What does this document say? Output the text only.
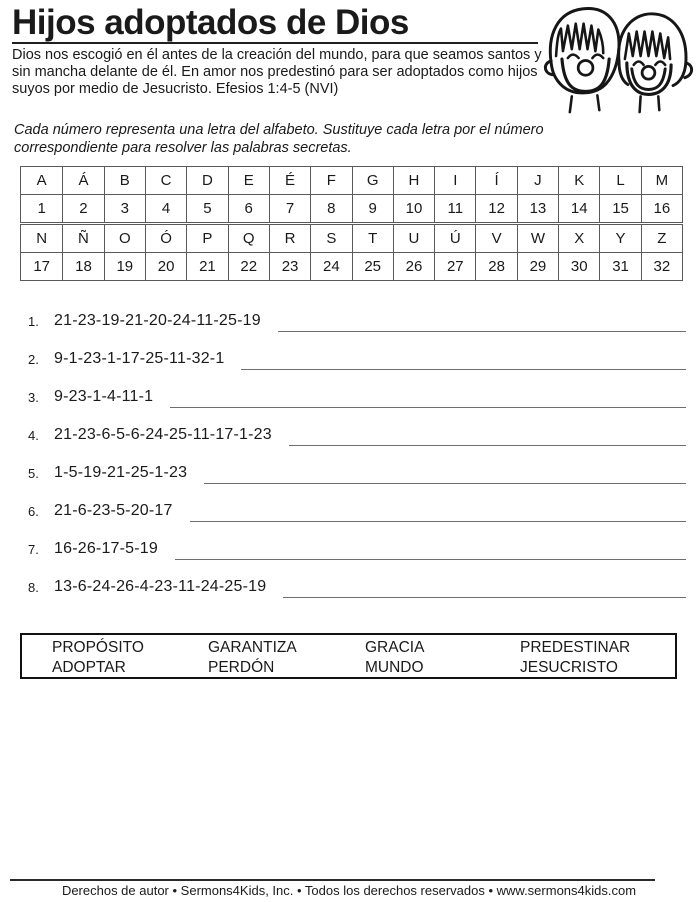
Hijos adoptados de Dios
Dios nos escogió en él antes de la creación del mundo, para que seamos santos y sin mancha delante de él. En amor nos predestinó para ser adoptados como hijos suyos por medio de Jesucristo. Efesios 1:4-5 (NVI)
Cada número representa una letra del alfabeto. Sustituye cada letra por el número correspondiente para resolver las palabras secretas.
A	Á	B	C	D	E	É	F	G	H	I	Í	J	K	L	M
1	2	3	4	5	6	7	8	9	10	11	12	13	14	15	16
N	Ñ	O	Ó	P	Q	R	S	T	U	Ú	V	W	X	Y	Z
17	18	19	20	21	22	23	24	25	26	27	28	29	30	31	32
1. 21-23-19-21-20-24-11-25-19
2. 9-1-23-1-17-25-11-32-1
3. 9-23-1-4-11-1
4. 21-23-6-5-6-24-25-11-17-1-23
5. 1-5-19-21-25-1-23
6. 21-6-23-5-20-17
7. 16-26-17-5-19
8. 13-6-24-26-4-23-11-24-25-19
PROPÓSITO	GARANTIZA	GRACIA	PREDESTINAR
ADOPTAR	PERDÓN	MUNDO	JESUCRISTO
Derechos de autor • Sermons4Kids, Inc. • Todos los derechos reservados • www.sermons4kids.com
